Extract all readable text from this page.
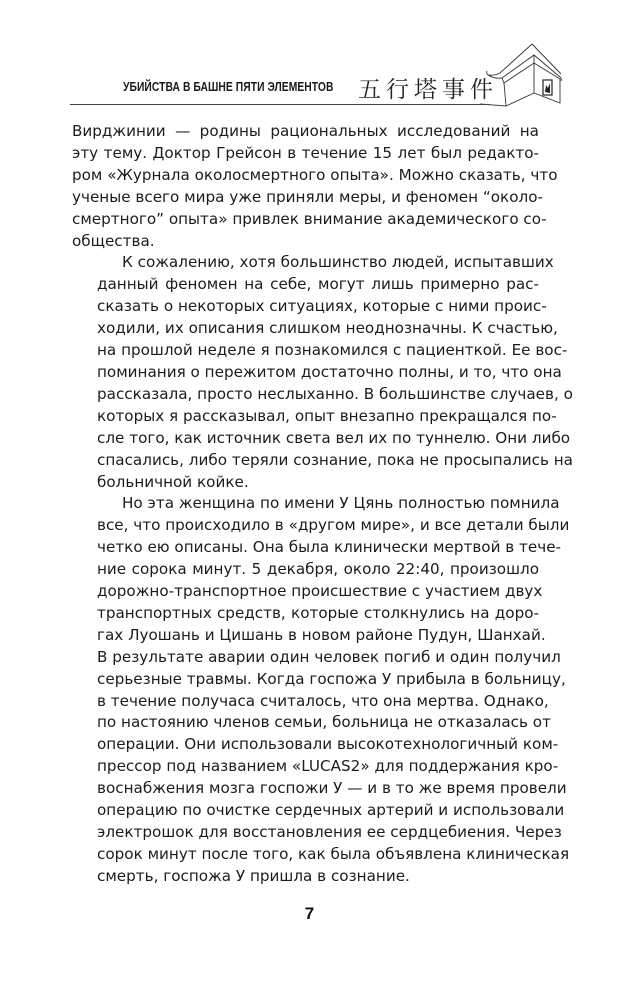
УБИЙСТВА В БАШНЕ ПЯТИ ЭЛЕМЕНТОВ 五行塔事件

Вирджинии — родины рациональных исследований на
эту тему. Доктор Грейсон в течение 15 лет был редакто-
ром «Журнала околосмертного опыта». Можно сказать, что
ученые всего мира уже приняли меры, и феномен “около-
смертного” опыта» привлек внимание академического со-
общества.

К сожалению, хотя большинство людей, испытавших
данный феномен на себе, могут лишь примерно рас-
сказать о некоторых ситуациях, которые с ними проис-
ходили, их описания слишком неоднозначны. К счастью,
на прошлой неделе я познакомился с пациенткой. Ее вос-
поминания о пережитом достаточно полны, и то, что она
рассказала, просто неслыханно. В большинстве случаев, о
которых я рассказывал, опыт внезапно прекращался по-
сле того, как источник света вел их по туннелю. Они либо
спасались, либо теряли сознание, пока не просыпались на
больничной койке.

Но эта женщина по имени У Цянь полностью помнила
все, что происходило в «другом мире», и все детали были
четко ею описаны. Она была клинически мертвой в тече-
ние сорока минут. 5 декабря, около 22:40, произошло
дорожно-транспортное происшествие с участием двух
транспортных средств, которые столкнулись на доро-
гах Луошань и Цишань в новом районе Пудун, Шанхай.
В результате аварии один человек погиб и один получил
серьезные травмы. Когда госпожа У прибыла в больницу,
в течение получаса считалось, что она мертва. Однако,
по настоянию членов семьи, больница не отказалась от
операции. Они использовали высокотехнологичный ком-
прессор под названием «LUCAS2» для поддержания кро-
воснабжения мозга госпожи У — и в то же время провели
операцию по очистке сердечных артерий и использовали
электрошок для восстановления ее сердцебиения. Через
сорок минут после того, как была объявлена клиническая
смерть, госпожа У пришла в сознание.

7
